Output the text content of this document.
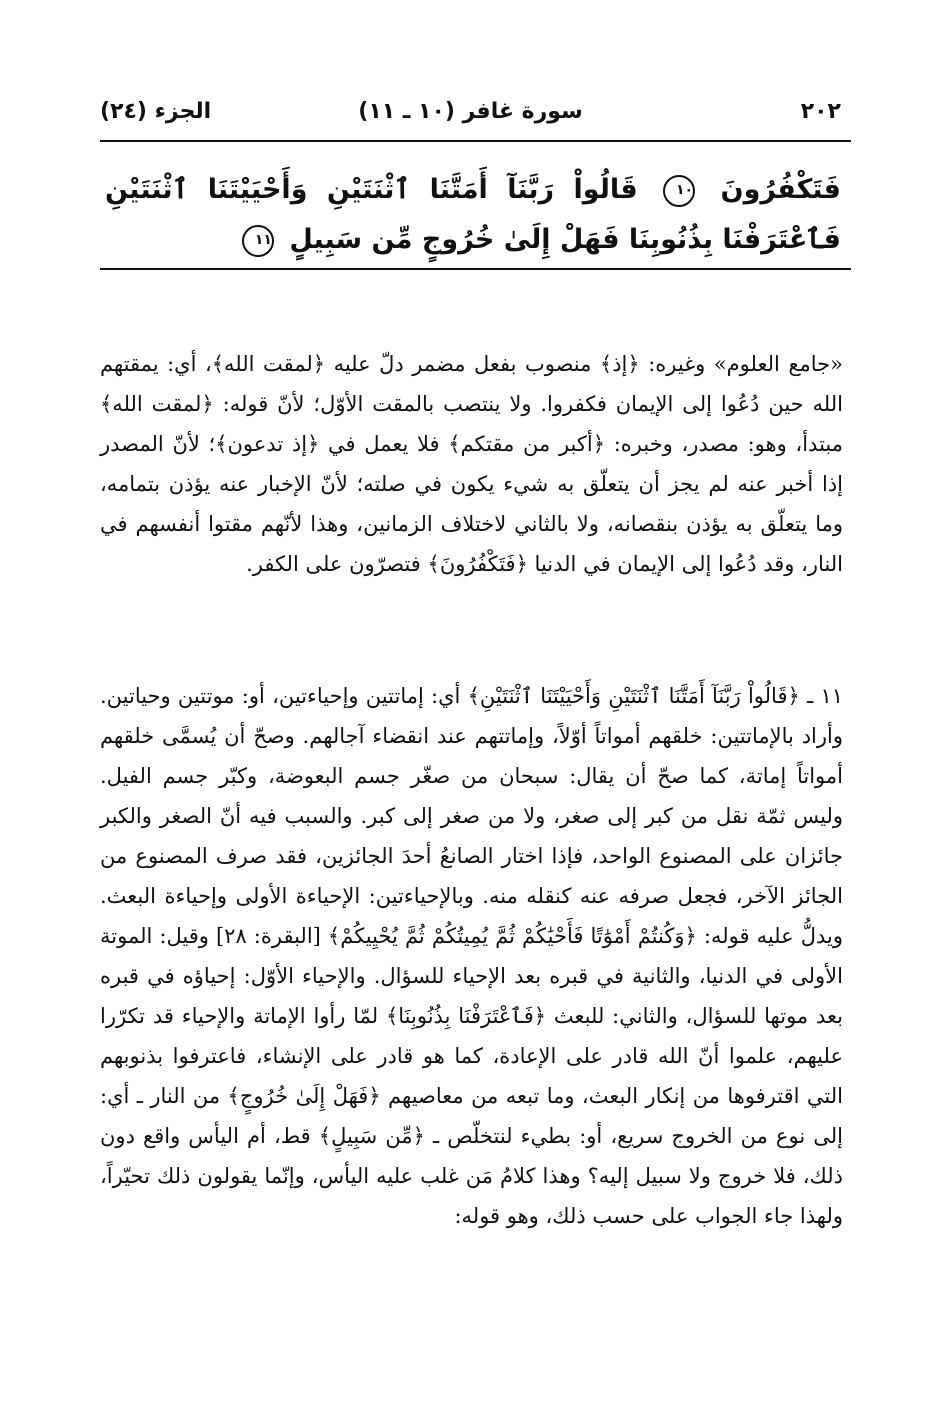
٢٠٢
سورة غافر (١٠ ـ ١١)
الجزء (٢٤)
فَتَكْفُرُونَ ١٠ قَالُواْ رَبَّنَآ أَمَتَّنَا ٱثْنَتَيْنِ وَأَحْيَيْتَنَا ٱثْنَتَيْنِ فَٱعْتَرَفْنَا بِذُنُوبِنَا فَهَلْ إِلَىٰ خُرُوجٍ مِّن سَبِيلٍ ١١

«جامع العلوم» وغيره: ﴿إذ﴾ منصوب بفعل مضمر دلّ عليه ﴿لمقت الله﴾، أي: يمقتهم الله حين دُعُوا إلى الإيمان فكفروا. ولا ينتصب بالمقت الأوّل؛ لأنّ قوله: ﴿لمقت الله﴾ مبتدأ، وهو: مصدر، وخبره: ﴿أكبر من مقتكم﴾ فلا يعمل في ﴿إذ تدعون﴾؛ لأنّ المصدر إذا أخبر عنه لم يجز أن يتعلّق به شيء يكون في صلته؛ لأنّ الإخبار عنه يؤذن بتمامه، وما يتعلّق به يؤذن بنقصانه، ولا بالثاني لاختلاف الزمانين، وهذا لأنّهم مقتوا أنفسهم في النار، وقد دُعُوا إلى الإيمان في الدنيا ﴿فَتَكْفُرُونَ﴾ فتصرّون على الكفر.

١١ ـ ﴿قَالُواْ رَبَّنَآ أَمَتَّنَا ٱثْنَتَيْنِ وَأَحْيَيْتَنَا ٱثْنَتَيْنِ﴾ أي: إماتتين وإحياءتين، أو: موتتين وحياتين. وأراد بالإماتتين: خلقهم أمواتاً أوّلاً، وإماتتهم عند انقضاء آجالهم. وصحّ أن يُسمَّى خلقهم أمواتاً إماتة، كما صحّ أن يقال: سبحان من صغّر جسم البعوضة، وكبّر جسم الفيل. وليس ثمّة نقل من كبر إلى صغر، ولا من صغر إلى كبر. والسبب فيه أنّ الصغر والكبر جائزان على المصنوع الواحد، فإذا اختار الصانعُ أحدَ الجائزين، فقد صرف المصنوع من الجائز الآخر، فجعل صرفه عنه كنقله منه. وبالإحياءتين: الإحياءة الأولى وإحياءة البعث. ويدلُّ عليه قوله: ﴿وَكُنتُمْ أَمْوَٰتًا فَأَحْيَٰكُمْ ثُمَّ يُمِيتُكُمْ ثُمَّ يُحْيِيكُمْ﴾ [البقرة: ٢٨] وقيل: الموتة الأولى في الدنيا، والثانية في قبره بعد الإحياء للسؤال. والإحياء الأوّل: إحياؤه في قبره بعد موتها للسؤال، والثاني: للبعث ﴿فَٱعْتَرَفْنَا بِذُنُوبِنَا﴾ لمّا رأوا الإماتة والإحياء قد تكرّرا عليهم، علموا أنّ الله قادر على الإعادة، كما هو قادر على الإنشاء، فاعترفوا بذنوبهم التي اقترفوها من إنكار البعث، وما تبعه من معاصيهم ﴿فَهَلْ إِلَىٰ خُرُوجٍ﴾ من النار ـ أي: إلى نوع من الخروج سريع، أو: بطيء لنتخلّص ـ ﴿مِّن سَبِيلٍ﴾ قط، أم اليأس واقع دون ذلك، فلا خروج ولا سبيل إليه؟ وهذا كلامُ مَن غلب عليه اليأس، وإنّما يقولون ذلك تحيّراً، ولهذا جاء الجواب على حسب ذلك، وهو قوله:
